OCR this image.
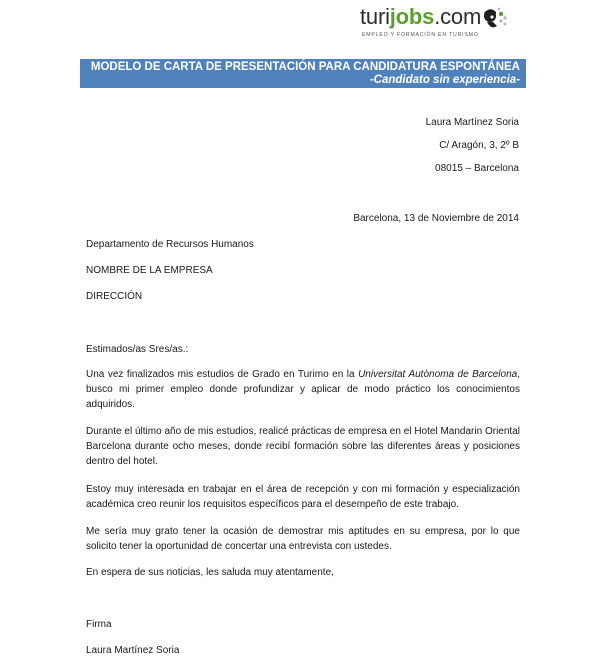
turijobs.com
EMPLEO Y FORMACIÓN EN TURISMO
MODELO DE CARTA DE PRESENTACIÓN PARA CANDIDATURA ESPONTÁNEA
-Candidato sin experiencia-
Laura Martínez Soria
C/ Aragón, 3, 2º B
08015 – Barcelona
Barcelona, 13 de Noviembre de 2014
Departamento de Recursos Humanos
NOMBRE DE LA EMPRESA
DIRECCIÓN
Estimados/as Sres/as.:
Una vez finalizados mis estudios de Grado en Turimo en la Universitat Autònoma de Barcelona, busco mi primer empleo donde profundizar y aplicar de modo práctico los conocimientos adquiridos.
Durante el último año de mis estudios, realicé prácticas de empresa en el Hotel Mandarin Oriental Barcelona durante ocho meses, donde recibí formación sobre las diferentes áreas y posiciones dentro del hotel.
Estoy muy interesada en trabajar en el área de recepción y con mi formación y especialización académica creo reunir los requisitos específicos para el desempeño de este trabajo.
Me sería muy grato tener la ocasión de demostrar mis aptitudes en su empresa, por lo que solicito tener la oportunidad de concertar una entrevista con ustedes.
En espera de sus noticias, les saluda muy atentamente,
Firma
Laura Martínez Soria
